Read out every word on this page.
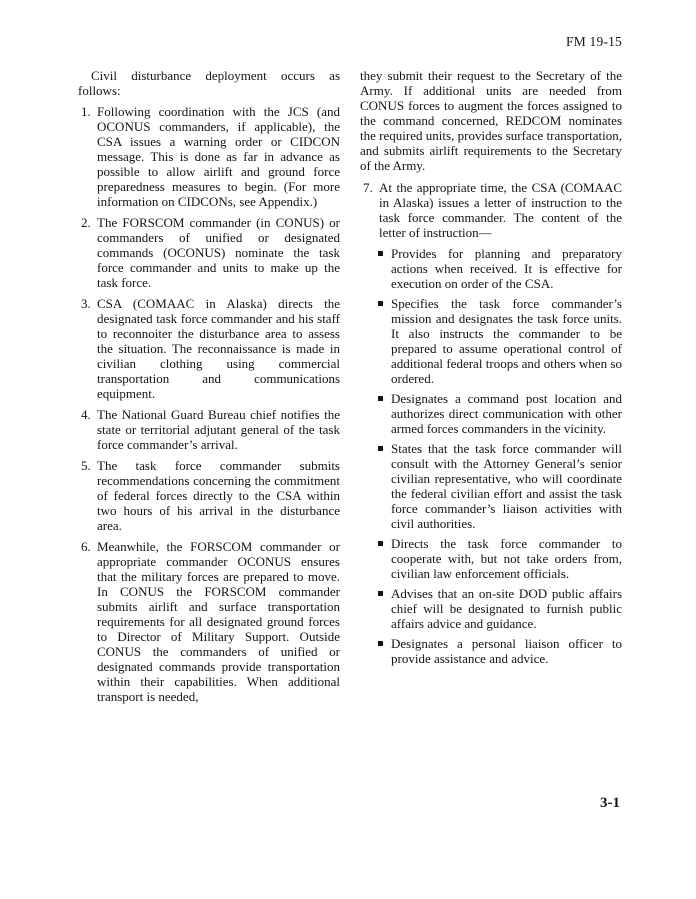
FM 19-15

Civil disturbance deployment occurs as follows:

1. Following coordination with the JCS (and OCONUS commanders, if applicable), the CSA issues a warning order or CIDCON message. This is done as far in advance as possible to allow airlift and ground force preparedness measures to begin. (For more information on CIDCONs, see Appendix.)
2. The FORSCOM commander (in CONUS) or commanders of unified or designated commands (OCONUS) nominate the task force commander and units to make up the task force.
3. CSA (COMAAC in Alaska) directs the designated task force commander and his staff to reconnoiter the disturbance area to assess the situation. The reconnaissance is made in civilian clothing using commercial transportation and communications equipment.
4. The National Guard Bureau chief notifies the state or territorial adjutant general of the task force commander’s arrival.
5. The task force commander submits recommendations concerning the commitment of federal forces directly to the CSA within two hours of his arrival in the disturbance area.
6. Meanwhile, the FORSCOM commander or appropriate commander OCONUS ensures that the military forces are prepared to move. In CONUS the FORSCOM commander submits airlift and surface transportation requirements for all designated ground forces to Director of Military Support. Outside CONUS the commanders of unified or designated commands provide transportation within their capabilities. When additional transport is needed,

they submit their request to the Secretary of the Army. If additional units are needed from CONUS forces to augment the forces assigned to the command concerned, REDCOM nominates the required units, provides surface transportation, and submits airlift requirements to the Secretary of the Army.

7. At the appropriate time, the CSA (COMAAC in Alaska) issues a letter of instruction to the task force commander. The content of the letter of instruction—
Provides for planning and preparatory actions when received. It is effective for execution on order of the CSA.
Specifies the task force commander’s mission and designates the task force units. It also instructs the commander to be prepared to assume operational control of additional federal troops and others when so ordered.
Designates a command post location and authorizes direct communication with other armed forces commanders in the vicinity.
States that the task force commander will consult with the Attorney General’s senior civilian representative, who will coordinate the federal civilian effort and assist the task force commander’s liaison activities with civil authorities.
Directs the task force commander to cooperate with, but not take orders from, civilian law enforcement officials.
Advises that an on-site DOD public affairs chief will be designated to furnish public affairs advice and guidance.
Designates a personal liaison officer to provide assistance and advice.
3-1
